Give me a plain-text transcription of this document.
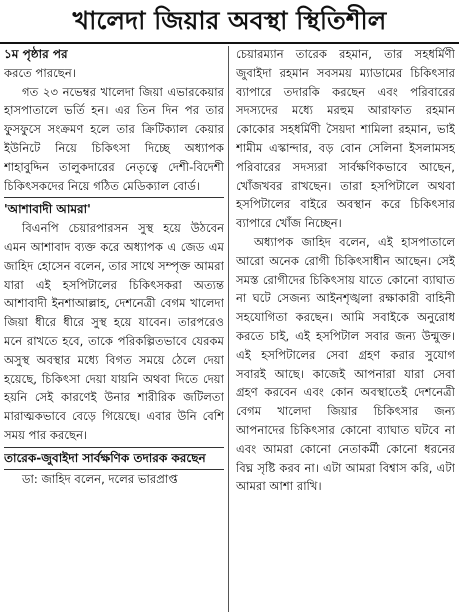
খালেদা জিয়ার অবস্থা স্থিতিশীল

১ম পৃষ্ঠার পর

করতে পারছেন।

গত ২৩ নভেম্বর খালেদা জিয়া এভারকেয়ার হাসপাতালে ভর্তি হন। এর তিন দিন পর তার ফুসফুসে সংক্রমণ হলে তার ক্রিটিক্যাল কেয়ার ইউনিটে নিয়ে চিকিৎসা দিচ্ছে অধ্যাপক শাহাবুদ্দিন তালুকদারের নেতৃত্বে দেশী-বিদেশী চিকিৎসকদের নিয়ে গঠিত মেডিক্যাল বোর্ড।

'আশাবাদী আমরা'

বিএনপি চেয়ারপারসন সুস্থ হয়ে উঠবেন এমন আশাবাদ ব্যক্ত করে অধ্যাপক এ জেড এম জাহিদ হোসেন বলেন, তার সাথে সম্পৃক্ত আমরা যারা এই হসপিটালের চিকিৎসকরা অত্যন্ত আশাবাদী ইনশাআল্লাহ, দেশনেত্রী বেগম খালেদা জিয়া ধীরে ধীরে সুস্থ হয়ে যাবেন। তারপরেও মনে রাখতে হবে, তাকে পরিকল্পিতভাবে যেরকম অসুস্থ অবস্থার মধ্যে বিগত সময়ে ঠেলে দেয়া হয়েছে, চিকিৎসা দেয়া যায়নি অথবা দিতে দেয়া হয়নি সেই কারণেই উনার শারীরিক জটিলতা মারাত্মকভাবে বেড়ে গিয়েছে। এবার উনি বেশি সময় পার করছেন।

তারেক-জুবাইদা সার্বক্ষণিক তদারক করছেন

ডা: জাহিদ বলেন, দলের ভারপ্রাপ্ত

চেয়ারম্যান তারেক রহমান, তার সহধর্মিণী জুবাইদা রহমান সবসময় ম্যাডামের চিকিৎসার ব্যাপারে তদারকি করছেন এবং পরিবারের সদস্যদের মধ্যে মরহুম আরাফাত রহমান কোকোর সহধর্মিণী সৈয়দা শামিলা রহমান, ভাই শামীম এস্কান্দার, বড় বোন সেলিনা ইসলামসহ পরিবারের সদস্যরা সার্বক্ষণিকভাবে আছেন, খোঁজখবর রাখছেন। তারা হসপিটালে অথবা হসপিটালের বাইরে অবস্থান করে চিকিৎসার ব্যাপারে খোঁজ নিচ্ছেন।

অধ্যাপক জাহিদ বলেন, এই হাসপাতালে আরো অনেক রোগী চিকিৎসাধীন আছেন। সেই সমস্ত রোগীদের চিকিৎসায় যাতে কোনো ব্যাঘাত না ঘটে সেজন্য আইনশৃঙ্খলা রক্ষাকারী বাহিনী সহযোগিতা করছেন। আমি সবাইকে অনুরোধ করতে চাই, এই হসপিটাল সবার জন্য উন্মুক্ত। এই হসপিটালের সেবা গ্রহণ করার সুযোগ সবারই আছে। কাজেই আপনারা যারা সেবা গ্রহণ করবেন এবং কোন অবস্থাতেই দেশনেত্রী বেগম খালেদা জিয়ার চিকিৎসার জন্য আপনাদের চিকিৎসার কোনো ব্যাঘাত ঘটবে না এবং আমরা কোনো নেতাকর্মী কোনো ধরনের বিঘ্ন সৃষ্টি করব না। এটা আমরা বিশ্বাস করি, এটা আমরা আশা রাখি।
